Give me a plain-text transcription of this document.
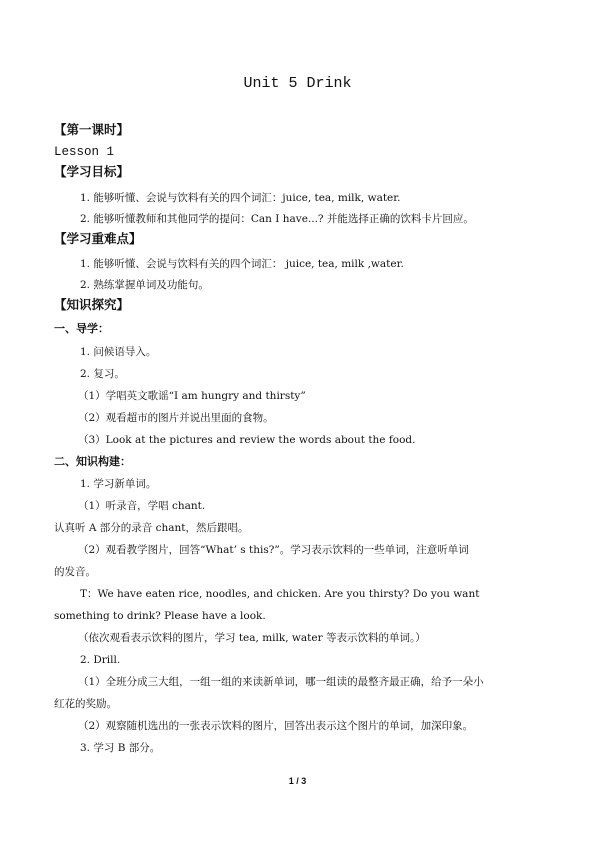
Unit 5 Drink
【第一课时】
Lesson 1
【学习目标】
1. 能够听懂、会说与饮料有关的四个词汇：juice, tea, milk, water.
2. 能够听懂教师和其他同学的提问：Can I have...? 并能选择正确的饮料卡片回应。
【学习重难点】
1. 能够听懂、会说与饮料有关的四个词汇： juice, tea, milk ,water.
2. 熟练掌握单词及功能句。
【知识探究】
一、导学：
1. 问候语导入。
2. 复习。
（1）学唱英文歌谣“I am hungry and thirsty”
（2）观看超市的图片并说出里面的食物。
（3）Look at the pictures and review the words about the food.
二、知识构建：
1. 学习新单词。
（1）听录音，学唱 chant.
认真听 A 部分的录音 chant，然后跟唱。
（2）观看教学图片，回答“What’ s this?”。学习表示饮料的一些单词，注意听单词
的发音。
T：We have eaten rice, noodles, and chicken. Are you thirsty? Do you want
something to drink? Please have a look.
（依次观看表示饮料的图片，学习 tea, milk, water 等表示饮料的单词。）
2. Drill.
（1）全班分成三大组，一组一组的来读新单词，哪一组读的最整齐最正确，给予一朵小
红花的奖励。
（2）观察随机选出的一张表示饮料的图片，回答出表示这个图片的单词，加深印象。
3. 学习 B 部分。
1 / 3
